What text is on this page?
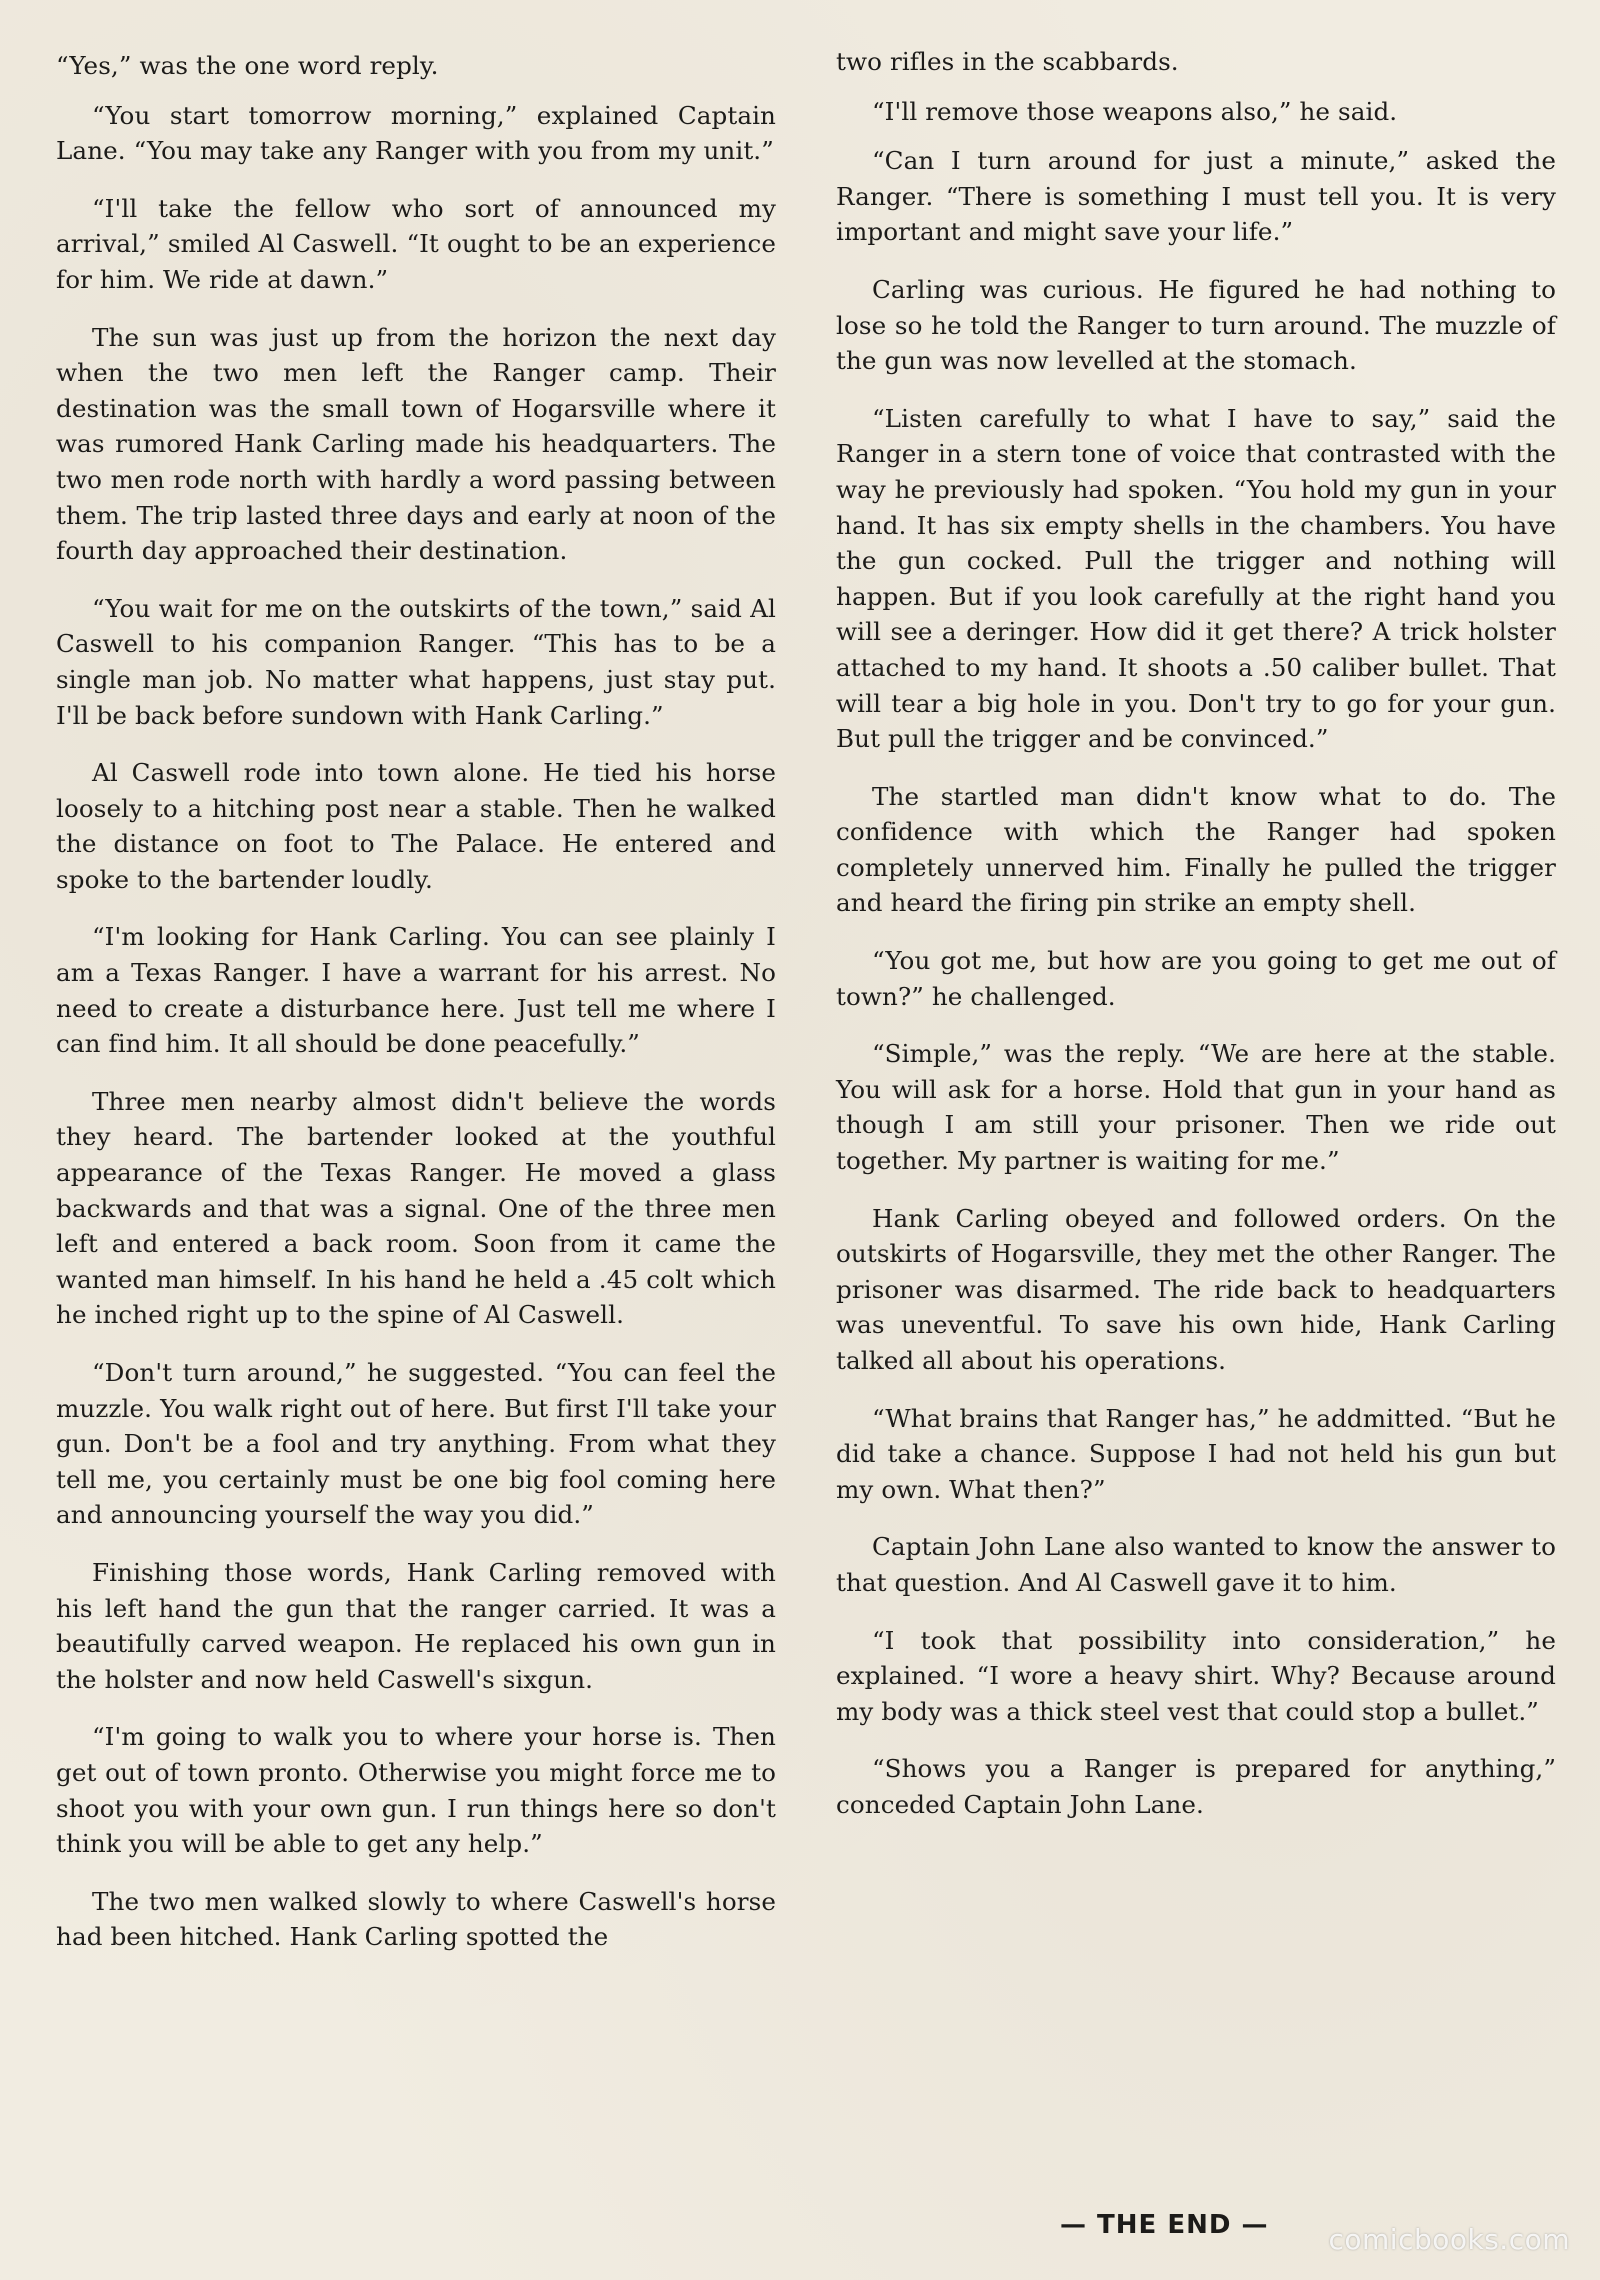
“Yes,” was the one word reply.

“You start tomorrow morning,” explained Captain Lane. “You may take any Ranger with you from my unit.”

“I'll take the fellow who sort of announced my arrival,” smiled Al Caswell. “It ought to be an experience for him. We ride at dawn.”

The sun was just up from the horizon the next day when the two men left the Ranger camp. Their destination was the small town of Hogarsville where it was rumored Hank Carling made his headquarters. The two men rode north with hardly a word passing between them. The trip lasted three days and early at noon of the fourth day approached their destination.

“You wait for me on the outskirts of the town,” said Al Caswell to his companion Ranger. “This has to be a single man job. No matter what happens, just stay put. I'll be back before sundown with Hank Carling.”

Al Caswell rode into town alone. He tied his horse loosely to a hitching post near a stable. Then he walked the distance on foot to The Palace. He entered and spoke to the bartender loudly.

“I'm looking for Hank Carling. You can see plainly I am a Texas Ranger. I have a warrant for his arrest. No need to create a disturbance here. Just tell me where I can find him. It all should be done peacefully.”

Three men nearby almost didn't believe the words they heard. The bartender looked at the youthful appearance of the Texas Ranger. He moved a glass backwards and that was a signal. One of the three men left and entered a back room. Soon from it came the wanted man himself. In his hand he held a .45 colt which he inched right up to the spine of Al Caswell.

“Don't turn around,” he suggested. “You can feel the muzzle. You walk right out of here. But first I'll take your gun. Don't be a fool and try anything. From what they tell me, you certainly must be one big fool coming here and announcing yourself the way you did.”

Finishing those words, Hank Carling removed with his left hand the gun that the ranger carried. It was a beautifully carved weapon. He replaced his own gun in the holster and now held Caswell's sixgun.

“I'm going to walk you to where your horse is. Then get out of town pronto. Otherwise you might force me to shoot you with your own gun. I run things here so don't think you will be able to get any help.”

The two men walked slowly to where Caswell's horse had been hitched. Hank Carling spotted the

two rifles in the scabbards.

“I'll remove those weapons also,” he said.

“Can I turn around for just a minute,” asked the Ranger. “There is something I must tell you. It is very important and might save your life.”

Carling was curious. He figured he had nothing to lose so he told the Ranger to turn around. The muzzle of the gun was now levelled at the stomach.

“Listen carefully to what I have to say,” said the Ranger in a stern tone of voice that contrasted with the way he previously had spoken. “You hold my gun in your hand. It has six empty shells in the chambers. You have the gun cocked. Pull the trigger and nothing will happen. But if you look carefully at the right hand you will see a deringer. How did it get there? A trick holster attached to my hand. It shoots a .50 caliber bullet. That will tear a big hole in you. Don't try to go for your gun. But pull the trigger and be convinced.”

The startled man didn't know what to do. The confidence with which the Ranger had spoken completely unnerved him. Finally he pulled the trigger and heard the firing pin strike an empty shell.

“You got me, but how are you going to get me out of town?” he challenged.

“Simple,” was the reply. “We are here at the stable. You will ask for a horse. Hold that gun in your hand as though I am still your prisoner. Then we ride out together. My partner is waiting for me.”

Hank Carling obeyed and followed orders. On the outskirts of Hogarsville, they met the other Ranger. The prisoner was disarmed. The ride back to headquarters was uneventful. To save his own hide, Hank Carling talked all about his operations.

“What brains that Ranger has,” he addmitted. “But he did take a chance. Suppose I had not held his gun but my own. What then?”

Captain John Lane also wanted to know the answer to that question. And Al Caswell gave it to him.

“I took that possibility into consideration,” he explained. “I wore a heavy shirt. Why? Because around my body was a thick steel vest that could stop a bullet.”

“Shows you a Ranger is prepared for anything,” conceded Captain John Lane.

— THE END — comicbooks.com
